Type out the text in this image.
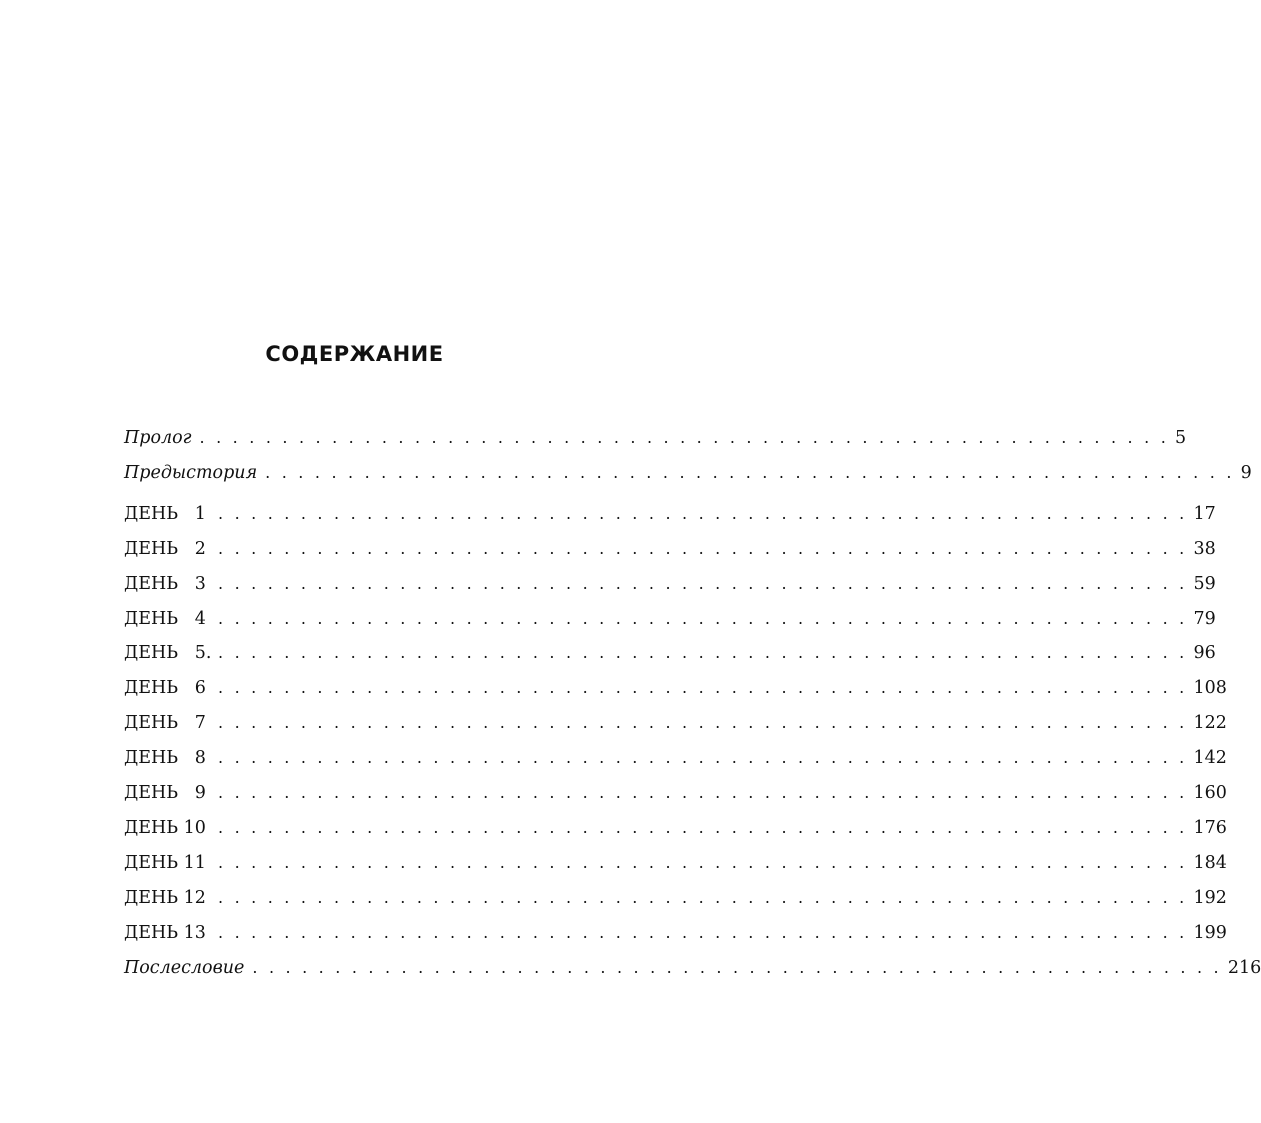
СОДЕРЖАНИЕ
Пролог . . . . . . . . . . . . . . . . . . . . . . . . . . . . . . . . . . . . . . . . . . . . . . . . . . . . . . . . . . . 5
Предыстория . . . . . . . . . . . . . . . . . . . . . . . . . . . . . . . . . . . . . . . . . . . . . . . . . . . . . . . . . . . 9
ДЕНЬ   1 . . . . . . . . . . . . . . . . . . . . . . . . . . . . . . . . . . . . . . . . . . . . . . . . . . . . . . . . . . . 17
ДЕНЬ   2 . . . . . . . . . . . . . . . . . . . . . . . . . . . . . . . . . . . . . . . . . . . . . . . . . . . . . . . . . . . 38
ДЕНЬ   3 . . . . . . . . . . . . . . . . . . . . . . . . . . . . . . . . . . . . . . . . . . . . . . . . . . . . . . . . . . . 59
ДЕНЬ   4 . . . . . . . . . . . . . . . . . . . . . . . . . . . . . . . . . . . . . . . . . . . . . . . . . . . . . . . . . . . 79
ДЕНЬ   5. . . . . . . . . . . . . . . . . . . . . . . . . . . . . . . . . . . . . . . . . . . . . . . . . . . . . . . . . . . . 96
ДЕНЬ   6 . . . . . . . . . . . . . . . . . . . . . . . . . . . . . . . . . . . . . . . . . . . . . . . . . . . . . . . . . . . 108
ДЕНЬ   7 . . . . . . . . . . . . . . . . . . . . . . . . . . . . . . . . . . . . . . . . . . . . . . . . . . . . . . . . . . . 122
ДЕНЬ   8 . . . . . . . . . . . . . . . . . . . . . . . . . . . . . . . . . . . . . . . . . . . . . . . . . . . . . . . . . . . 142
ДЕНЬ   9 . . . . . . . . . . . . . . . . . . . . . . . . . . . . . . . . . . . . . . . . . . . . . . . . . . . . . . . . . . . 160
ДЕНЬ 10 . . . . . . . . . . . . . . . . . . . . . . . . . . . . . . . . . . . . . . . . . . . . . . . . . . . . . . . . . . . 176
ДЕНЬ 11 . . . . . . . . . . . . . . . . . . . . . . . . . . . . . . . . . . . . . . . . . . . . . . . . . . . . . . . . . . . 184
ДЕНЬ 12 . . . . . . . . . . . . . . . . . . . . . . . . . . . . . . . . . . . . . . . . . . . . . . . . . . . . . . . . . . . 192
ДЕНЬ 13 . . . . . . . . . . . . . . . . . . . . . . . . . . . . . . . . . . . . . . . . . . . . . . . . . . . . . . . . . . . 199
Послесловие . . . . . . . . . . . . . . . . . . . . . . . . . . . . . . . . . . . . . . . . . . . . . . . . . . . . . . . . . . . 216
